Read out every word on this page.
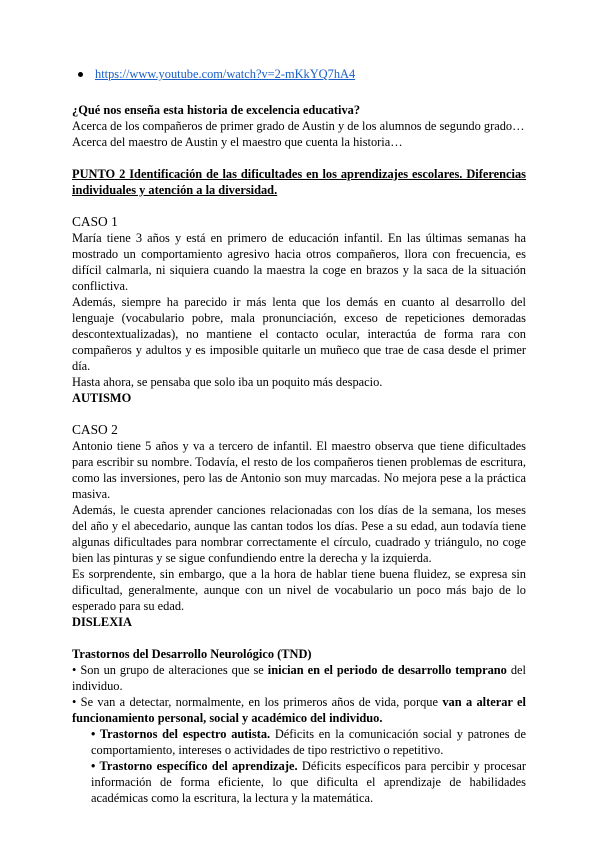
https://www.youtube.com/watch?v=2-mKkYQ7hA4

¿Qué nos enseña esta historia de excelencia educativa?

Acerca de los compañeros de primer grado de Austin y de los alumnos de segundo grado…

Acerca del maestro de Austin y el maestro que cuenta la historia…

PUNTO 2 Identificación de las dificultades en los aprendizajes escolares. Diferencias individuales y atención a la diversidad.

CASO 1

María tiene 3 años y está en primero de educación infantil. En las últimas semanas ha mostrado un comportamiento agresivo hacia otros compañeros, llora con frecuencia, es difícil calmarla, ni siquiera cuando la maestra la coge en brazos y la saca de la situación conflictiva.

Además, siempre ha parecido ir más lenta que los demás en cuanto al desarrollo del lenguaje (vocabulario pobre, mala pronunciación, exceso de repeticiones demoradas descontextualizadas), no mantiene el contacto ocular, interactúa de forma rara con compañeros y adultos y es imposible quitarle un muñeco que trae de casa desde el primer día.

Hasta ahora, se pensaba que solo iba un poquito más despacio.

AUTISMO

CASO 2

Antonio tiene 5 años y va a tercero de infantil. El maestro observa que tiene dificultades para escribir su nombre. Todavía, el resto de los compañeros tienen problemas de escritura, como las inversiones, pero las de Antonio son muy marcadas. No mejora pese a la práctica masiva.

Además, le cuesta aprender canciones relacionadas con los días de la semana, los meses del año y el abecedario, aunque las cantan todos los días. Pese a su edad, aun todavía tiene algunas dificultades para nombrar correctamente el círculo, cuadrado y triángulo, no coge bien las pinturas y se sigue confundiendo entre la derecha y la izquierda.

Es sorprendente, sin embargo, que a la hora de hablar tiene buena fluidez, se expresa sin dificultad, generalmente, aunque con un nivel de vocabulario un poco más bajo de lo esperado para su edad.

DISLEXIA

Trastornos del Desarrollo Neurológico (TND)

• Son un grupo de alteraciones que se inician en el periodo de desarrollo temprano del individuo.

• Se van a detectar, normalmente, en los primeros años de vida, porque van a alterar el funcionamiento personal, social y académico del individuo.

• Trastornos del espectro autista. Déficits en la comunicación social y patrones de comportamiento, intereses o actividades de tipo restrictivo o repetitivo.

• Trastorno específico del aprendizaje. Déficits específicos para percibir y procesar información de forma eficiente, lo que dificulta el aprendizaje de habilidades académicas como la escritura, la lectura y la matemática.
